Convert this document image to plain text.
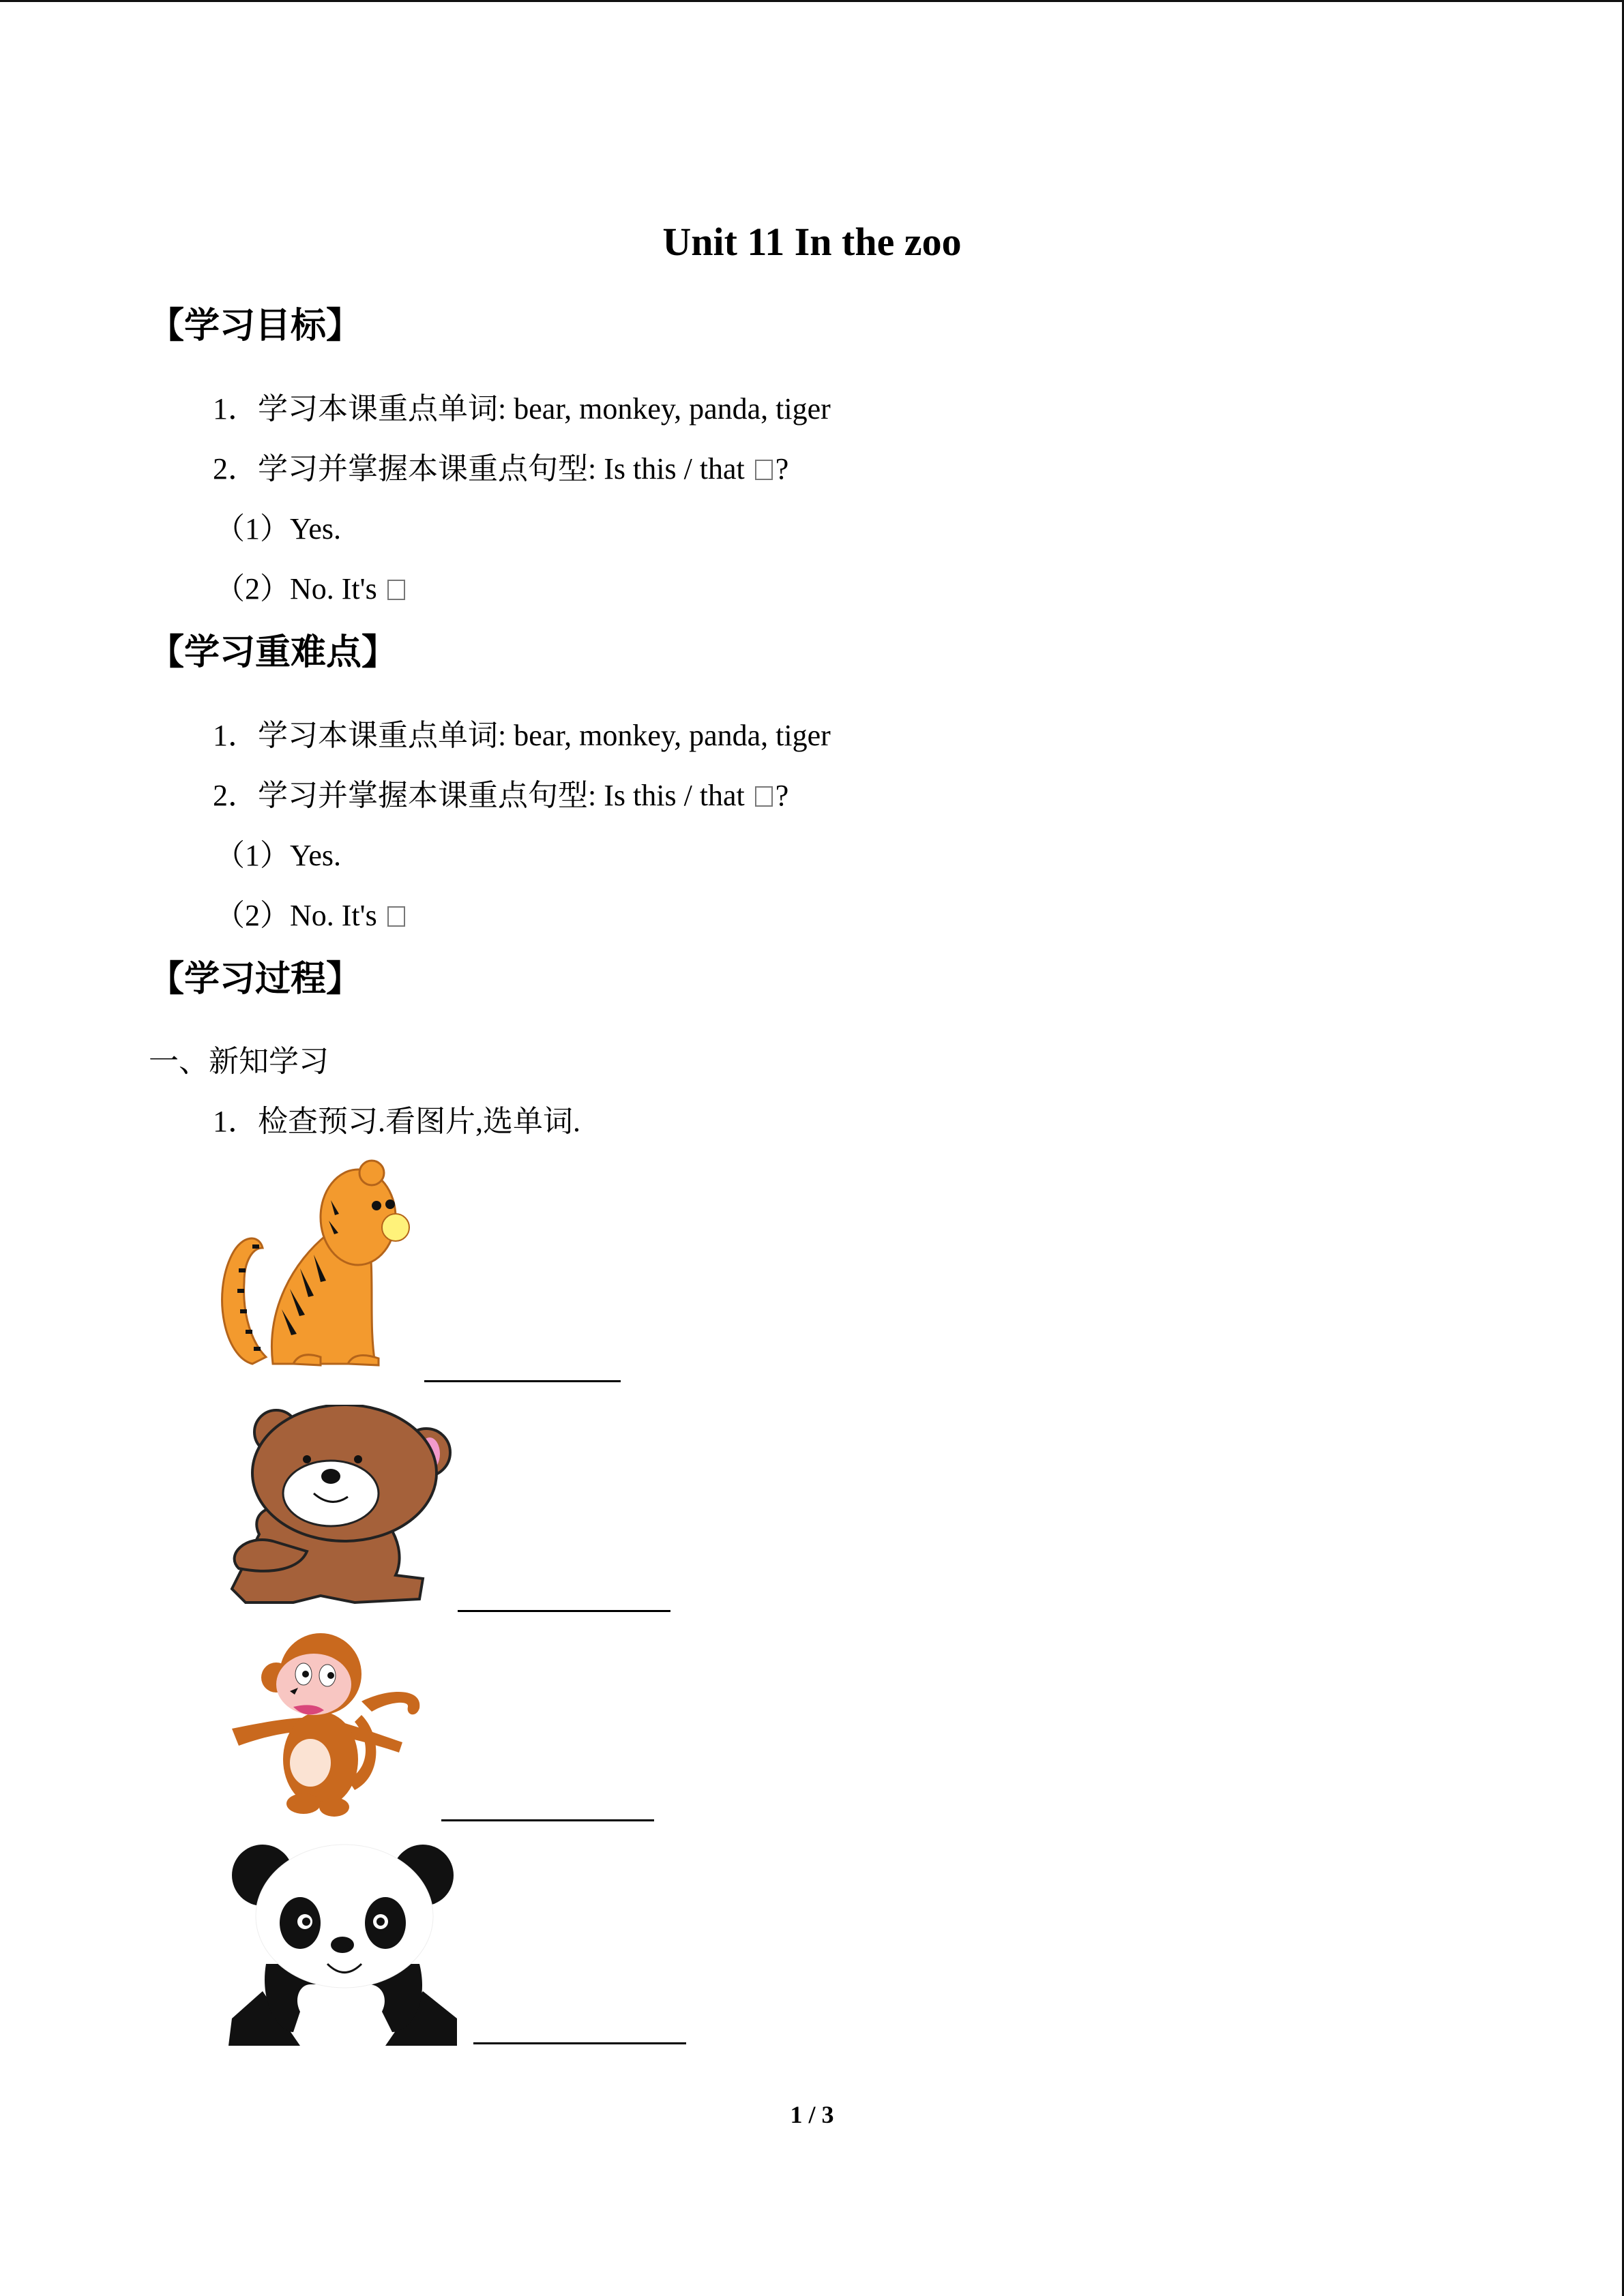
Unit 11 In the zoo
【学习目标】
1．学习本课重点单词: bear, monkey, panda, tiger
2．学习并掌握本课重点句型: Is this / that ?
（1）Yes.
（2）No. It's
【学习重难点】
1．学习本课重点单词: bear, monkey, panda, tiger
2．学习并掌握本课重点句型: Is this / that ?
（1）Yes.
（2）No. It's
【学习过程】
一、新知学习
1．检查预习.看图片,选单词.
1 / 3
